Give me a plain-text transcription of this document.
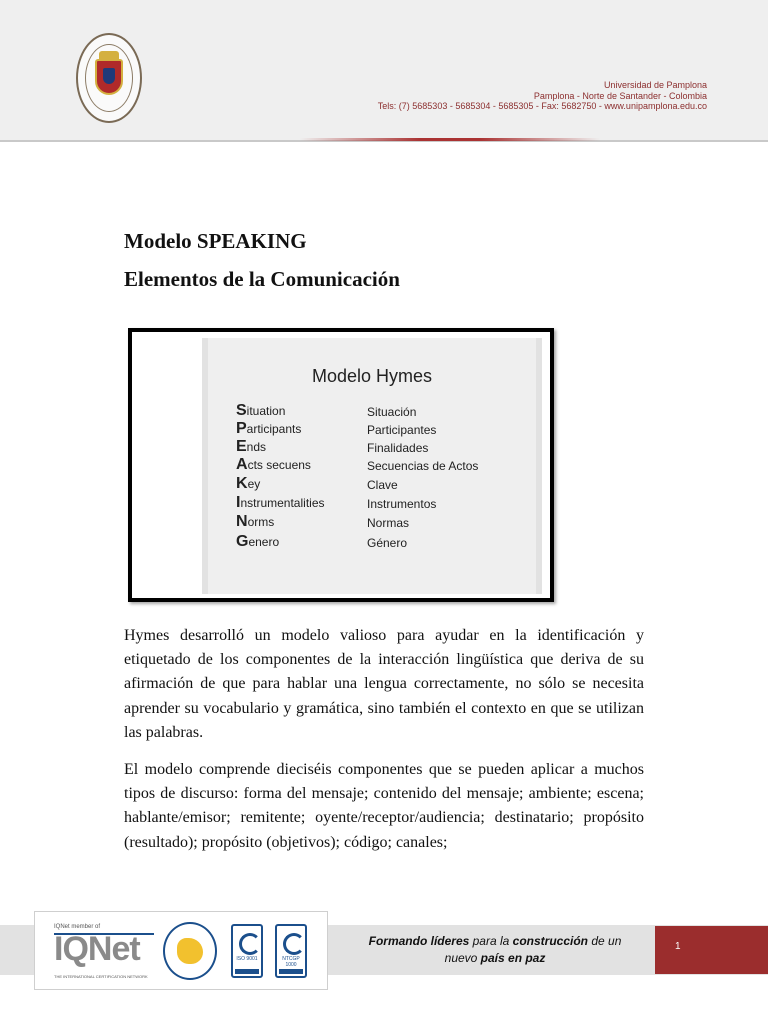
Universidad de Pamplona
Pamplona - Norte de Santander - Colombia
Tels: (7) 5685303 - 5685304 - 5685305 - Fax: 5682750 - www.unipamplona.edu.co
Modelo SPEAKING
Elementos de la Comunicación
Modelo Hymes
Situation	Situación
Participants	Participantes
Ends	Finalidades
Acts secuens	Secuencias de Actos
Key	Clave
Instrumentalities	Instrumentos
Norms	Normas
Genero	Género
Hymes desarrolló un modelo valioso para ayudar en la identificación y etiquetado de los componentes de la interacción lingüística que deriva de su afirmación de que para hablar una lengua correctamente, no sólo se necesita aprender su vocabulario y gramática, sino también el contexto en que se utilizan las palabras.
El modelo comprende dieciséis componentes que se pueden aplicar a muchos tipos de discurso: forma del mensaje; contenido del mensaje; ambiente; escena; hablante/emisor; remitente; oyente/receptor/audiencia; destinatario; propósito (resultado); propósito (objetivos); código; canales;
IQNet member of
IQNet
THE INTERNATIONAL CERTIFICATION NETWORK
ISO 9001	NTCGP 1000
Formando líderes para la construcción de un
nuevo país en paz
1
